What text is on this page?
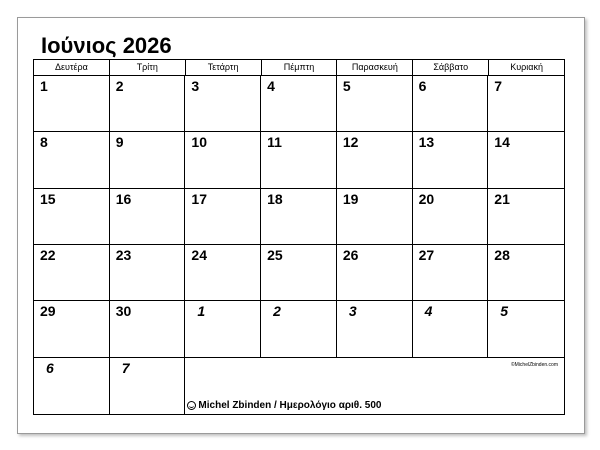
Ιούνιος 2026
Δευτέρα	Τρίτη	Τετάρτη	Πέμπτη	Παρασκευή	Σάββατο	Κυριακή
1	2	3	4	5	6	7
8	9	10	11	12	13	14
15	16	17	18	19	20	21
22	23	24	25	26	27	28
29	30	1	2	3	4	5
6	7	©MichelZbinden.com
Michel Zbinden / Ημερολόγιο αριθ. 500
